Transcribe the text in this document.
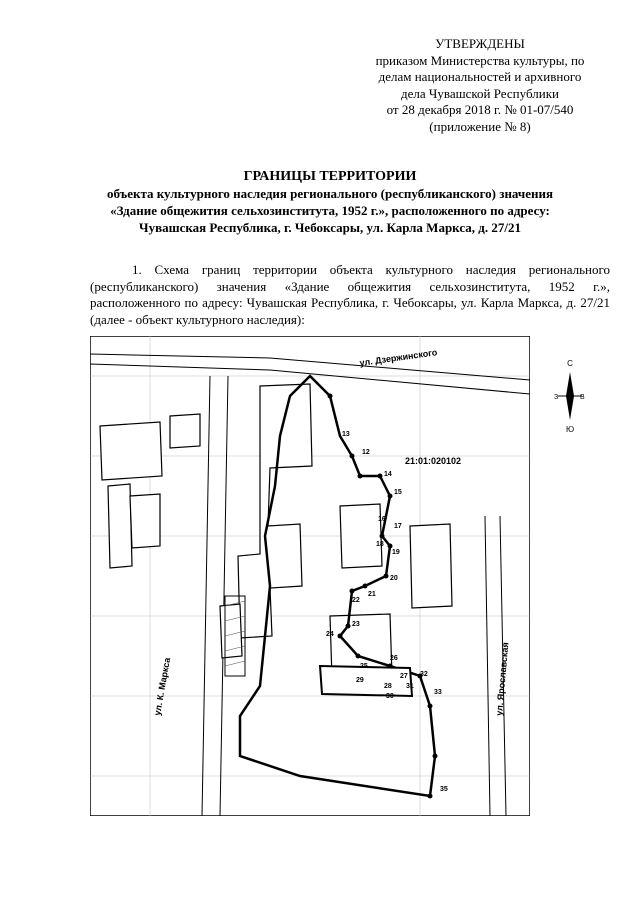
УТВЕРЖДЕНЫ
приказом Министерства культуры, по
делам национальностей и архивного
дела Чувашской Республики
от 28 декабря 2018 г. № 01-07/540
(приложение № 8)
ГРАНИЦЫ ТЕРРИТОРИИ
объекта культурного наследия регионального (республиканского) значения
«Здание общежития сельхозинститута, 1952 г.», расположенного по адресу:
Чувашская Республика, г. Чебоксары, ул. Карла Маркса, д. 27/21
1. Схема границ территории объекта культурного наследия регионального (республиканского) значения «Здание общежития сельхозинститута, 1952 г.», расположенного по адресу: Чувашская Республика, г. Чебоксары, ул. Карла Маркса, д. 27/21 (далее - объект культурного наследия):
12
13
14
15
16
17
18
19
20
21
22
23
24
25
26
27
28
29
30
31
32
33
35
21:01:020102
ул. Дзержинского
ул. К. Маркса	ул. Ярославская
С
З	В
Ю
